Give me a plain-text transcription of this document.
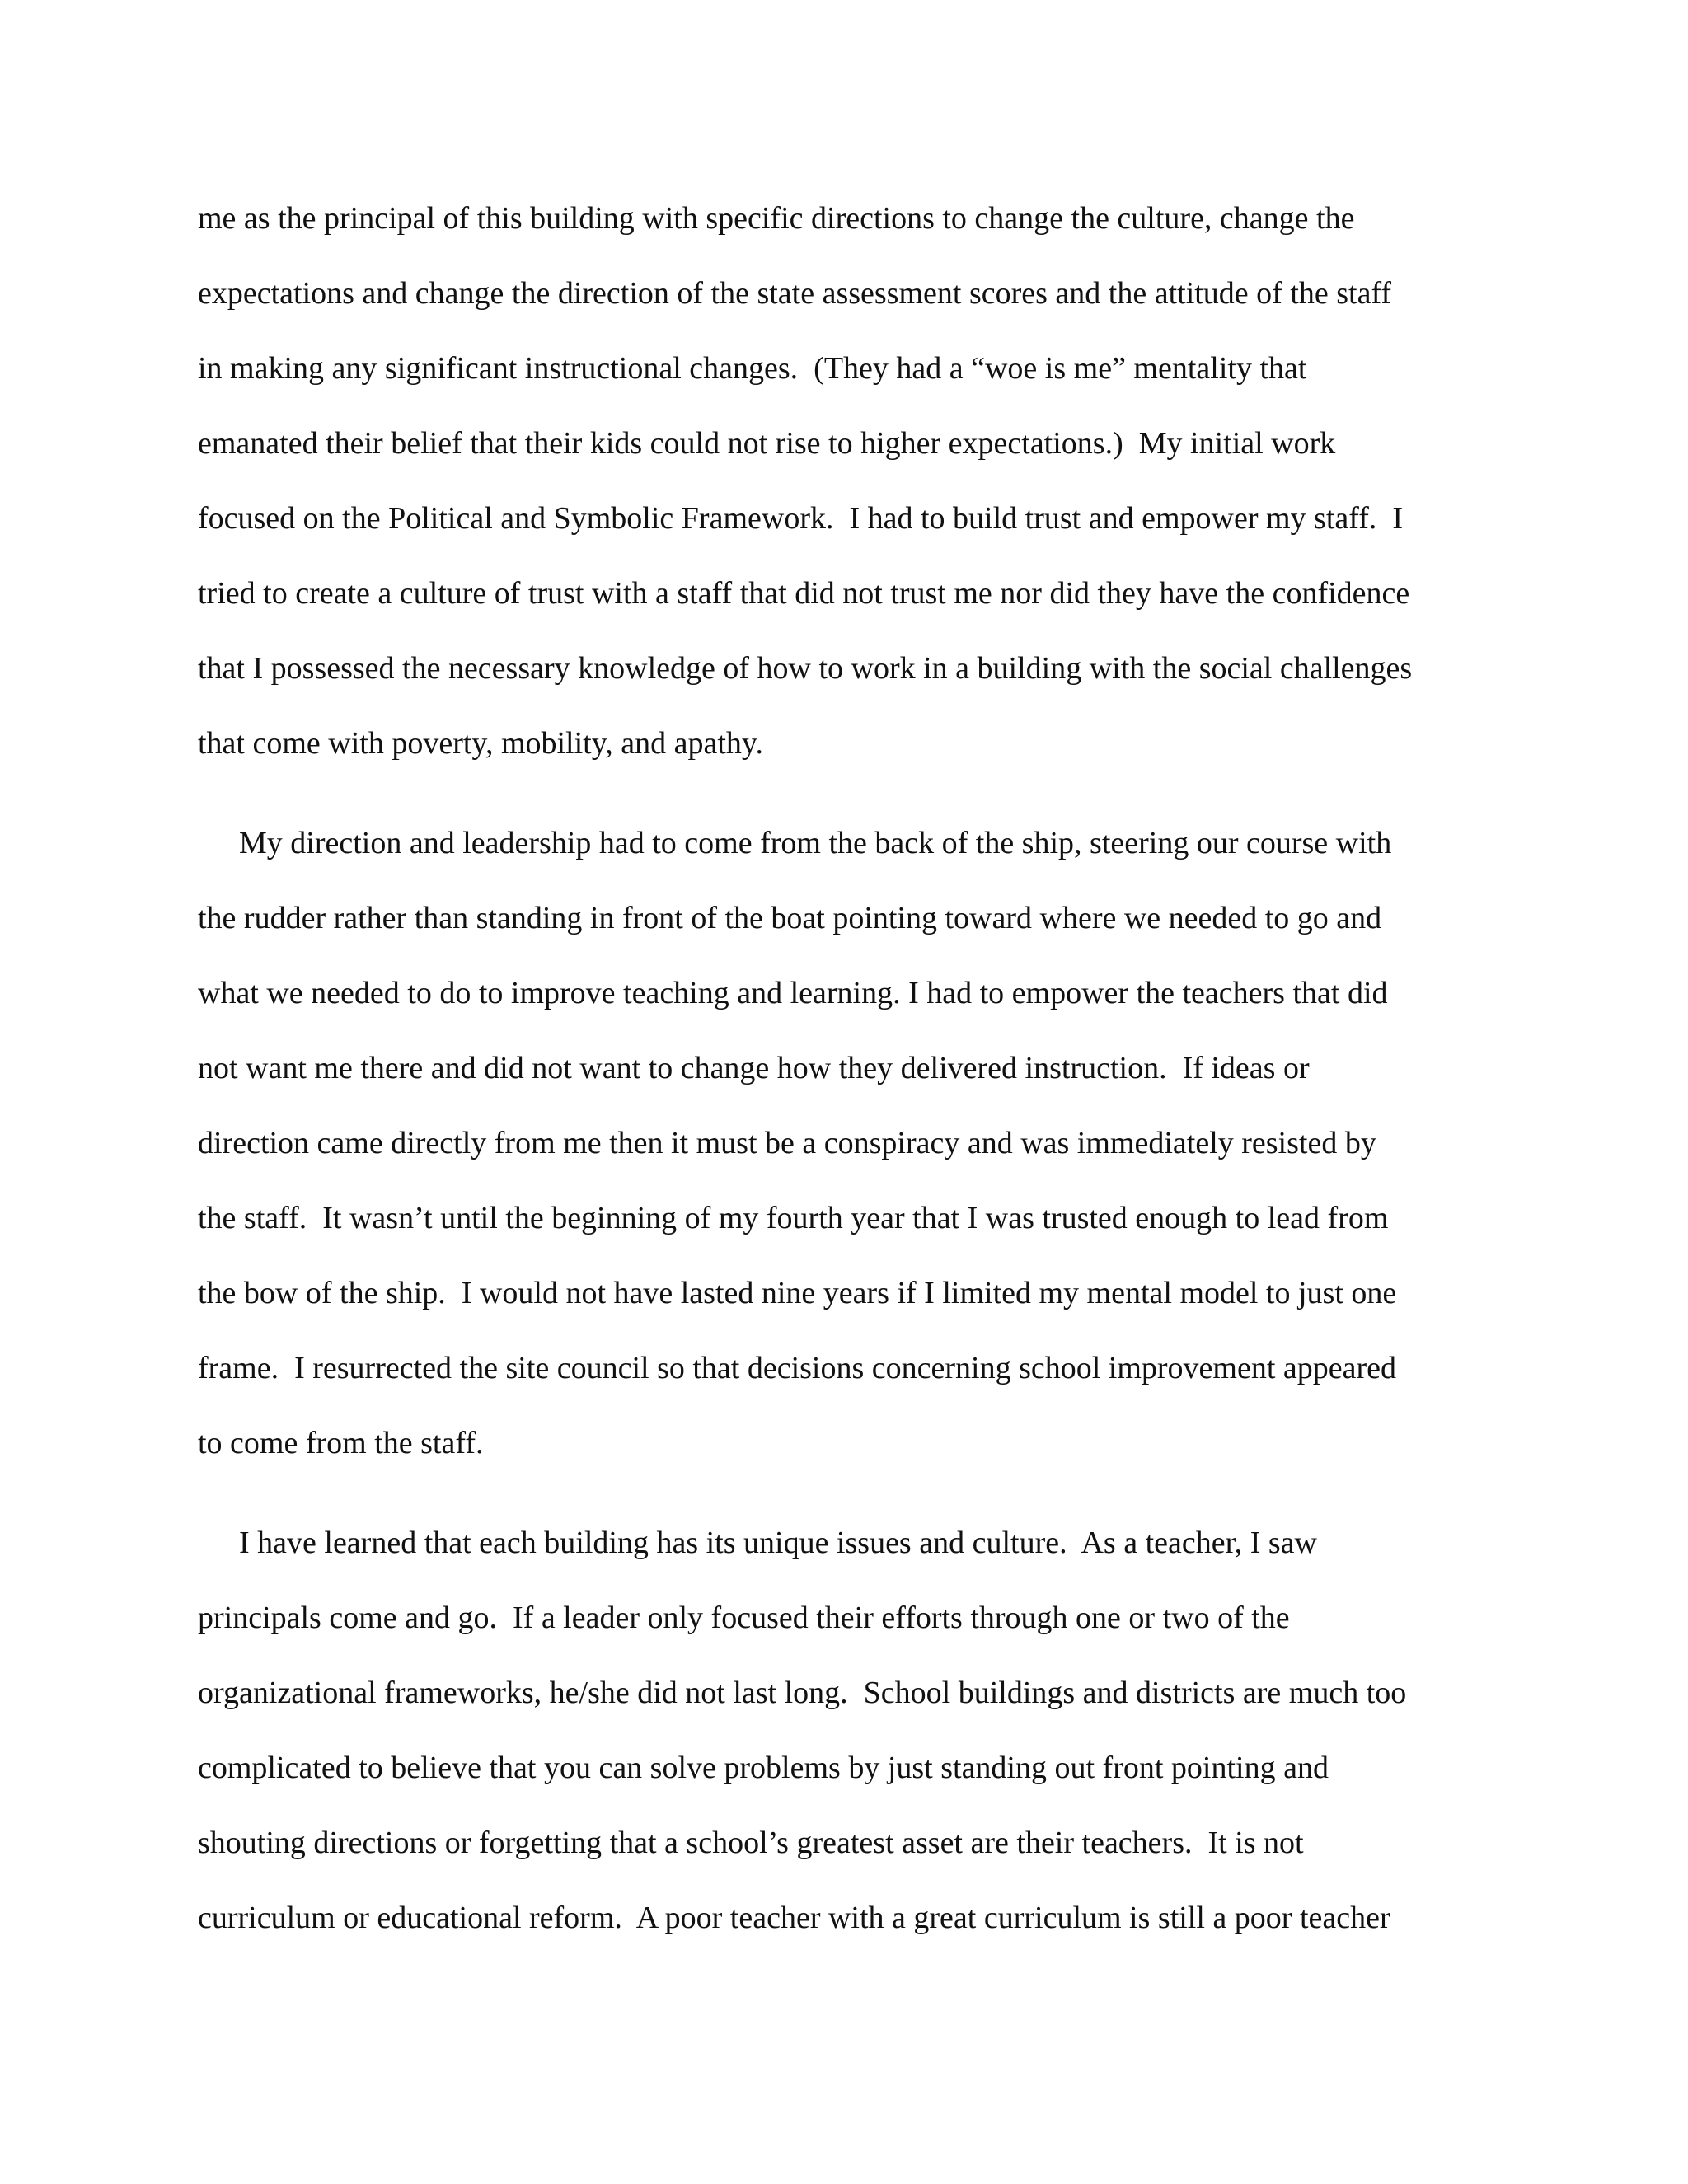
me as the principal of this building with specific directions to change the culture, change the

expectations and change the direction of the state assessment scores and the attitude of the staff

in making any significant instructional changes.  (They had a “woe is me” mentality that

emanated their belief that their kids could not rise to higher expectations.)  My initial work

focused on the Political and Symbolic Framework.  I had to build trust and empower my staff.  I

tried to create a culture of trust with a staff that did not trust me nor did they have the confidence

that I possessed the necessary knowledge of how to work in a building with the social challenges

that come with poverty, mobility, and apathy.

My direction and leadership had to come from the back of the ship, steering our course with

the rudder rather than standing in front of the boat pointing toward where we needed to go and

what we needed to do to improve teaching and learning. I had to empower the teachers that did

not want me there and did not want to change how they delivered instruction.  If ideas or

direction came directly from me then it must be a conspiracy and was immediately resisted by

the staff.  It wasn’t until the beginning of my fourth year that I was trusted enough to lead from

the bow of the ship.  I would not have lasted nine years if I limited my mental model to just one

frame.  I resurrected the site council so that decisions concerning school improvement appeared

to come from the staff.

I have learned that each building has its unique issues and culture.  As a teacher, I saw

principals come and go.  If a leader only focused their efforts through one or two of the

organizational frameworks, he/she did not last long.  School buildings and districts are much too

complicated to believe that you can solve problems by just standing out front pointing and

shouting directions or forgetting that a school’s greatest asset are their teachers.  It is not

curriculum or educational reform.  A poor teacher with a great curriculum is still a poor teacher
